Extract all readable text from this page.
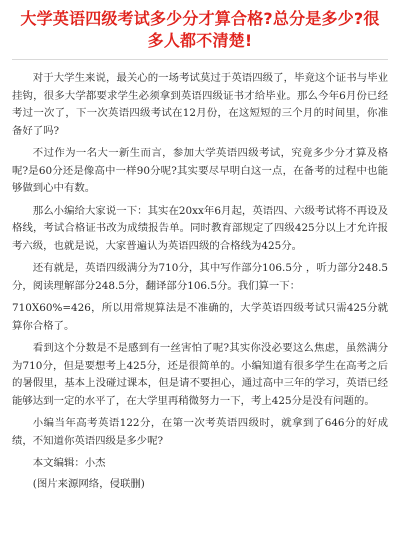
大学英语四级考试多少分才算合格?总分是多少?很多人都不清楚!

对于大学生来说，最关心的一场考试莫过于英语四级了，毕竟这个证书与毕业挂钩，很多大学都要求学生必须拿到英语四级证书才给毕业。那么今年6月份已经考过一次了，下一次英语四级考试在12月份，在这短短的三个月的时间里，你准备好了吗?

不过作为一名大一新生而言，参加大学英语四级考试，究竟多少分才算及格呢?是60分还是像高中一样90分呢?其实要尽早明白这一点，在备考的过程中也能够做到心中有数。

那么小编给大家说一下：其实在20xx年6月起，英语四、六级考试将不再设及格线，考试合格证书改为成绩报告单。同时教育部规定了四级425分以上才允许报考六级，也就是说，大家普遍认为英语四级的合格线为425分。

还有就是，英语四级满分为710分，其中写作部分106.5分 ，听力部分248.5分，阅读理解部分248.5分，翻译部分106.5分。我们算一下：

710X60%=426，所以用常规算法是不准确的，大学英语四级考试只需425分就算你合格了。

看到这个分数是不是感到有一丝害怕了呢?其实你没必要这么焦虑，虽然满分为710分，但是要想考上425分，还是很简单的。小编知道有很多学生在高考之后的暑假里，基本上没碰过课本，但是请不要担心，通过高中三年的学习，英语已经能够达到一定的水平了，在大学里再稍微努力一下，考上425分是没有问题的。

小编当年高考英语122分，在第一次考英语四级时，就拿到了646分的好成绩，不知道你英语四级是多少呢?

本文编辑：小杰

(图片来源网络，侵联删)
